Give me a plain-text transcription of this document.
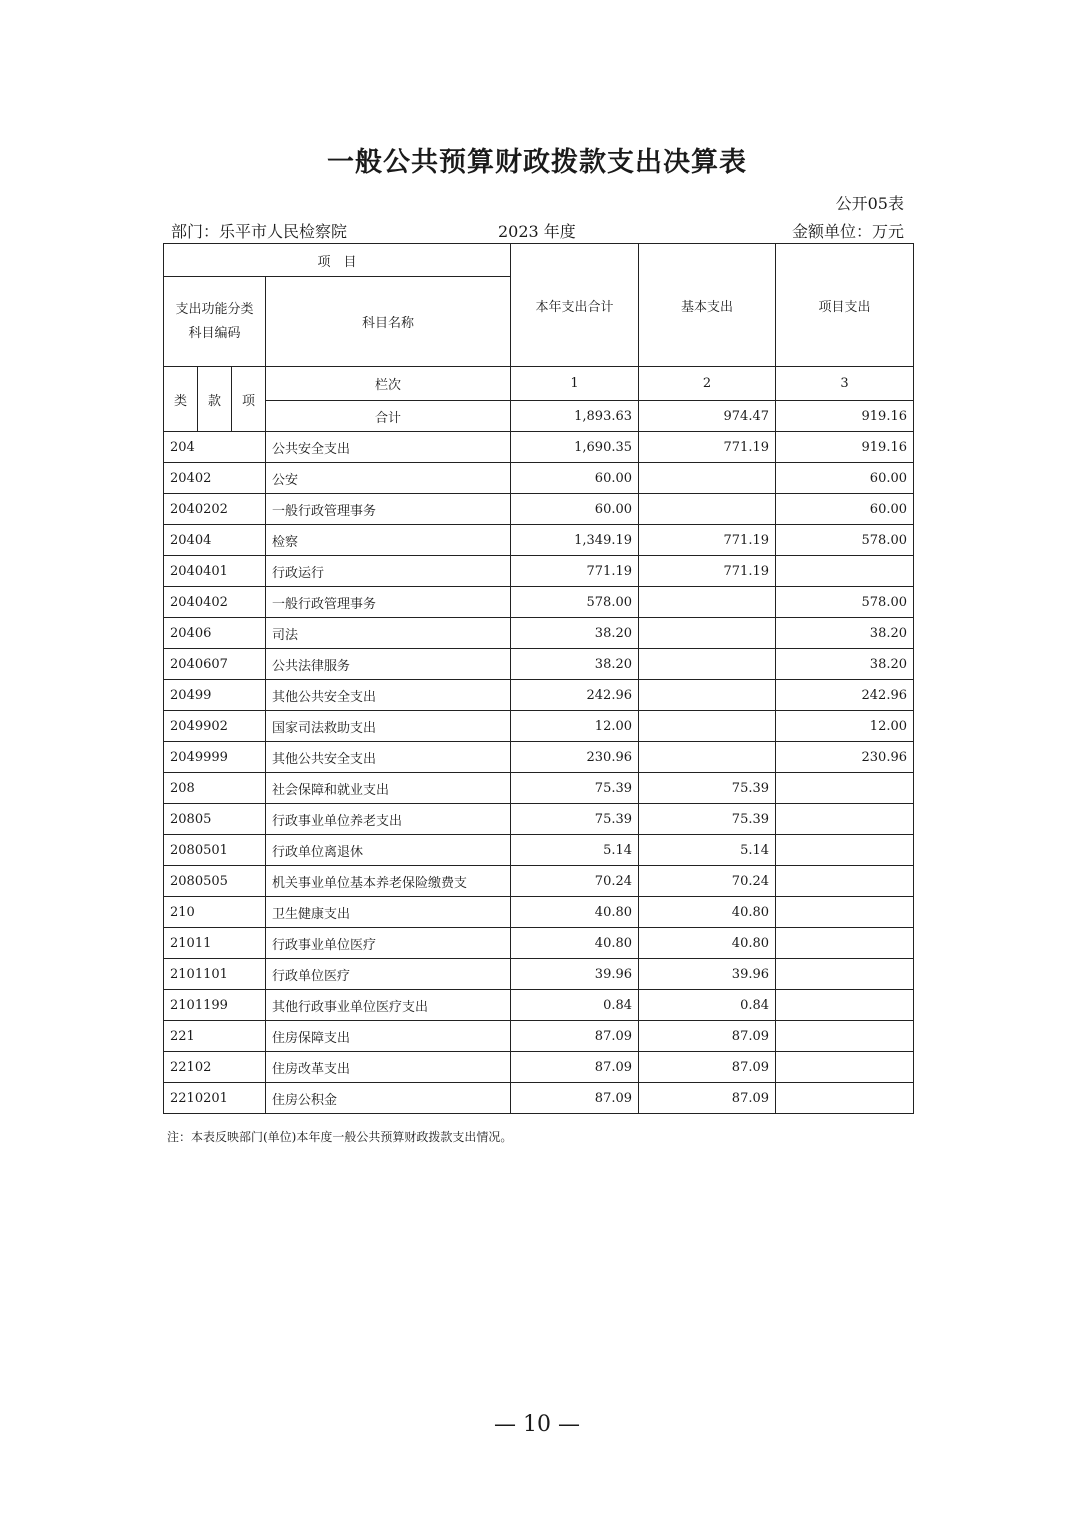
一般公共预算财政拨款支出决算表
公开05表
部门：乐平市人民检察院	2023 年度	金额单位：万元
项　目				本年支出合计	基本支出	项目支出

支出功能分类
科目编码			科目名称			
类	款	项	栏次	1	2	3
			合计	1,893.63	974.47	919.16
204			公共安全支出	1,690.35	771.19	919.16
20402			公安	60.00		60.00
2040202			一般行政管理事务	60.00		60.00
20404			检察	1,349.19	771.19	578.00
2040401			行政运行	771.19	771.19	
2040402			一般行政管理事务	578.00		578.00
20406			司法	38.20		38.20
2040607			公共法律服务	38.20		38.20
20499			其他公共安全支出	242.96		242.96
2049902			国家司法救助支出	12.00		12.00
2049999			其他公共安全支出	230.96		230.96
208			社会保障和就业支出	75.39	75.39	
20805			行政事业单位养老支出	75.39	75.39	
2080501			行政单位离退休	5.14	5.14	
2080505			机关事业单位基本养老保险缴费支	70.24	70.24	
210			卫生健康支出	40.80	40.80	
21011			行政事业单位医疗	40.80	40.80	
2101101			行政单位医疗	39.96	39.96	
2101199			其他行政事业单位医疗支出	0.84	0.84	
221			住房保障支出	87.09	87.09	
22102			住房改革支出	87.09	87.09	
2210201			住房公积金	87.09	87.09	
注：本表反映部门(单位)本年度一般公共预算财政拨款支出情况。
— 10 —
